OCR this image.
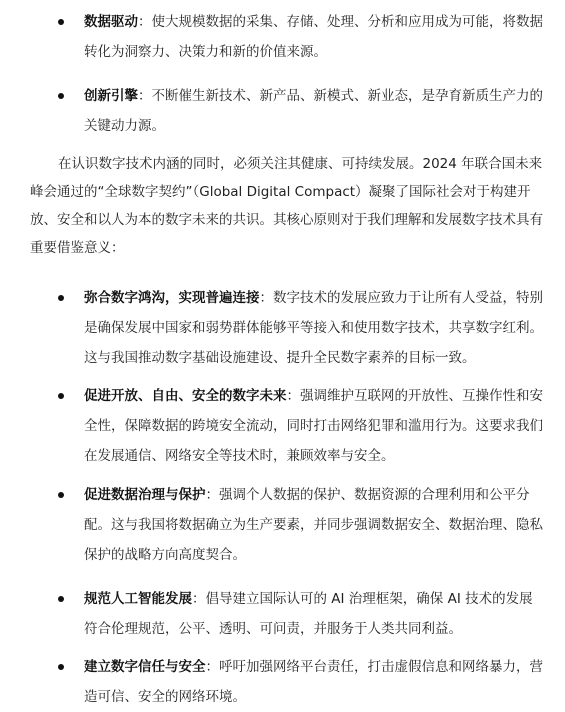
数据驱动：使大规模数据的采集、存储、处理、分析和应用成为可能，将数据转化为洞察力、决策力和新的价值来源。
创新引擎：不断催生新技术、新产品、新模式、新业态，是孕育新质生产力的关键动力源。
在认识数字技术内涵的同时，必须关注其健康、可持续发展。2024 年联合国未来峰会通过的“全球数字契约”（Global Digital Compact）凝聚了国际社会对于构建开放、安全和以人为本的数字未来的共识。其核心原则对于我们理解和发展数字技术具有重要借鉴意义：
弥合数字鸿沟，实现普遍连接：数字技术的发展应致力于让所有人受益，特别是确保发展中国家和弱势群体能够平等接入和使用数字技术，共享数字红利。这与我国推动数字基础设施建设、提升全民数字素养的目标一致。
促进开放、自由、安全的数字未来：强调维护互联网的开放性、互操作性和安全性，保障数据的跨境安全流动，同时打击网络犯罪和滥用行为。这要求我们在发展通信、网络安全等技术时，兼顾效率与安全。
促进数据治理与保护：强调个人数据的保护、数据资源的合理利用和公平分配。这与我国将数据确立为生产要素，并同步强调数据安全、数据治理、隐私保护的战略方向高度契合。
规范人工智能发展：倡导建立国际认可的 AI 治理框架，确保 AI 技术的发展符合伦理规范，公平、透明、可问责，并服务于人类共同利益。
建立数字信任与安全：呼吁加强网络平台责任，打击虚假信息和网络暴力，营造可信、安全的网络环境。
